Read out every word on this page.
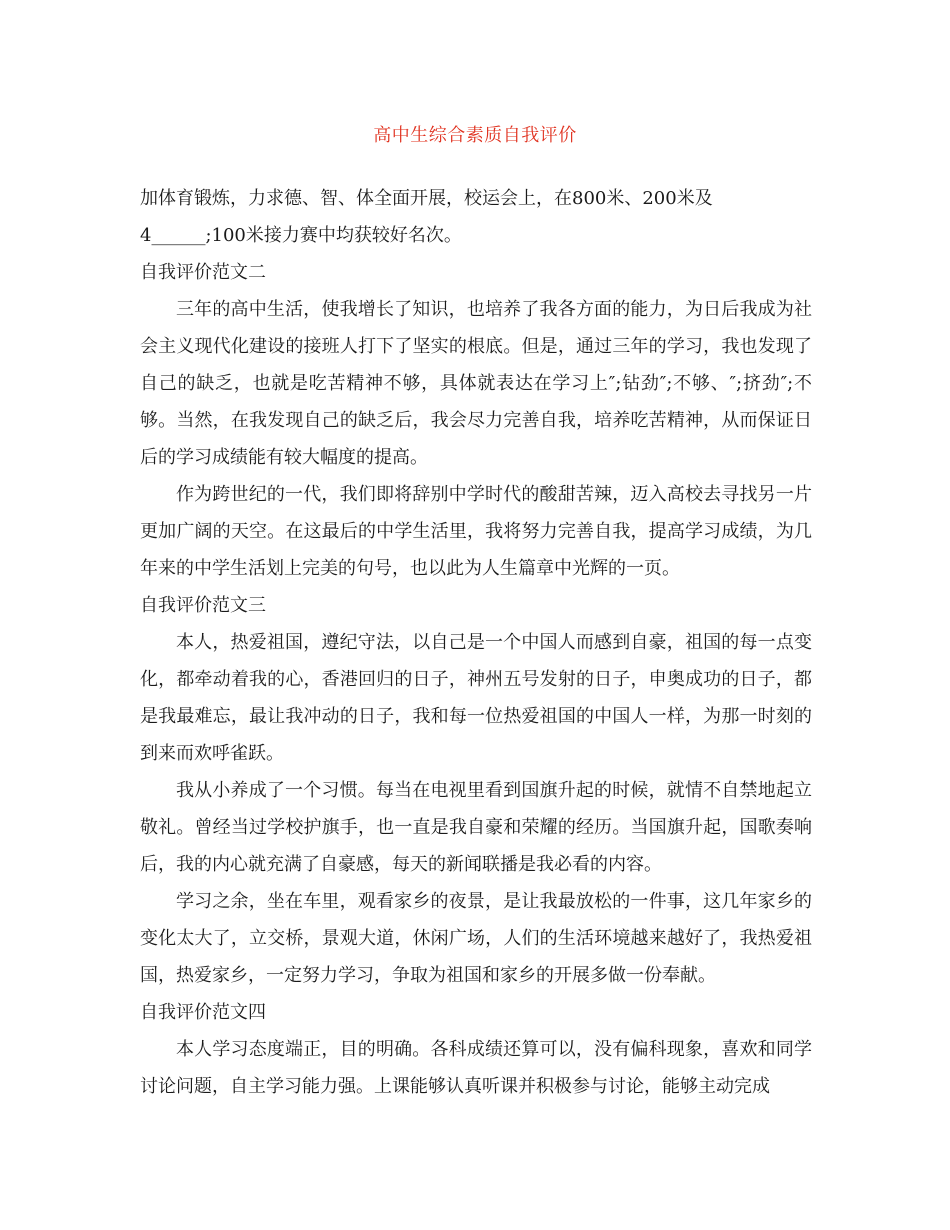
高中生综合素质自我评价

加体育锻炼，力求德、智、体全面开展，校运会上，在800米、200米及

4______;100米接力赛中均获较好名次。

自我评价范文二

三年的高中生活，使我增长了知识，也培养了我各方面的能力，为日后我成为社会主义现代化建设的接班人打下了坚实的根底。但是，通过三年的学习，我也发现了自己的缺乏，也就是吃苦精神不够，具体就表达在学习上″;钻劲″;不够、″;挤劲″;不够。当然，在我发现自己的缺乏后，我会尽力完善自我，培养吃苦精神，从而保证日后的学习成绩能有较大幅度的提高。

作为跨世纪的一代，我们即将辞别中学时代的酸甜苦辣，迈入高校去寻找另一片更加广阔的天空。在这最后的中学生活里，我将努力完善自我，提高学习成绩，为几年来的中学生活划上完美的句号，也以此为人生篇章中光辉的一页。

自我评价范文三

本人，热爱祖国，遵纪守法，以自己是一个中国人而感到自豪，祖国的每一点变化，都牵动着我的心，香港回归的日子，神州五号发射的日子，申奥成功的日子，都是我最难忘，最让我冲动的日子，我和每一位热爱祖国的中国人一样，为那一时刻的到来而欢呼雀跃。

我从小养成了一个习惯。每当在电视里看到国旗升起的时候，就情不自禁地起立敬礼。曾经当过学校护旗手，也一直是我自豪和荣耀的经历。当国旗升起，国歌奏响后，我的内心就充满了自豪感，每天的新闻联播是我必看的内容。

学习之余，坐在车里，观看家乡的夜景，是让我最放松的一件事，这几年家乡的变化太大了，立交桥，景观大道，休闲广场，人们的生活环境越来越好了，我热爱祖国，热爱家乡，一定努力学习，争取为祖国和家乡的开展多做一份奉献。

自我评价范文四

本人学习态度端正，目的明确。各科成绩还算可以，没有偏科现象，喜欢和同学讨论问题，自主学习能力强。上课能够认真听课并积极参与讨论，能够主动完成
